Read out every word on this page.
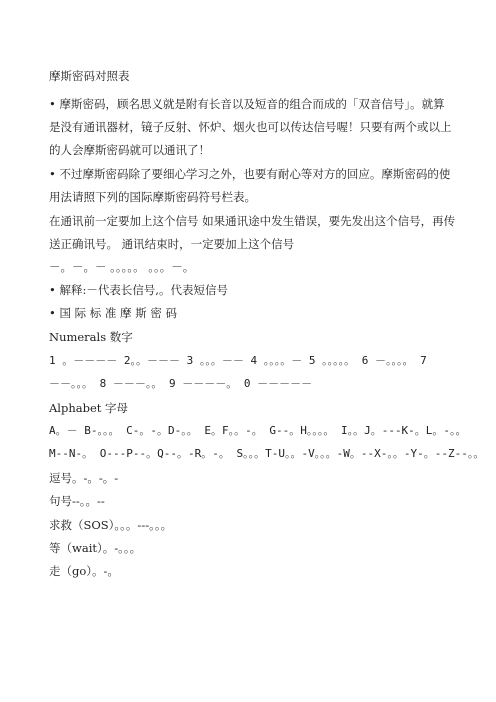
摩斯密码对照表
• 摩斯密码，顾名思义就是附有长音以及短音的组合而成的「双音信号」。就算
是没有通讯器材，镜子反射、怀炉、烟火也可以传达信号喔！只要有两个或以上
的人会摩斯密码就可以通讯了！
• 不过摩斯密码除了要细心学习之外，也要有耐心等对方的回应。摩斯密码的使
用法请照下列的国际摩斯密码符号栏表。
在通讯前一定要加上这个信号 如果通讯途中发生错误，要先发出这个信号，再传
送正确讯号。 通讯结束时，一定要加上这个信号
－。－。－ 。。。。。 。。。－。
• 解释:－代表长信号,。代表短信号
• 国 际 标 准 摩 斯 密 码
Numerals 数字
1 。－－－－ 2。。－－－ 3 。。。－－ 4 。。。。－ 5 。。。。。 6 －。。。。 7
－－。。。 8 －－－。。 9 －－－－。 0 －－－－－
Alphabet 字母
A。－ B-。。。 C-。-。D-。。 E。F。。-。 G--。H。。。。 I。。J。---K-。L。-。。
M--N-。 O---P--。Q--。-R。-。 S。。。T-U。。-V。。。-W。--X-。。-Y-。--Z--。。
逗号。-。-。-
句号--。。--
求救（SOS）。。。---。。。
等（wait）。-。。。
走（go）。-。
